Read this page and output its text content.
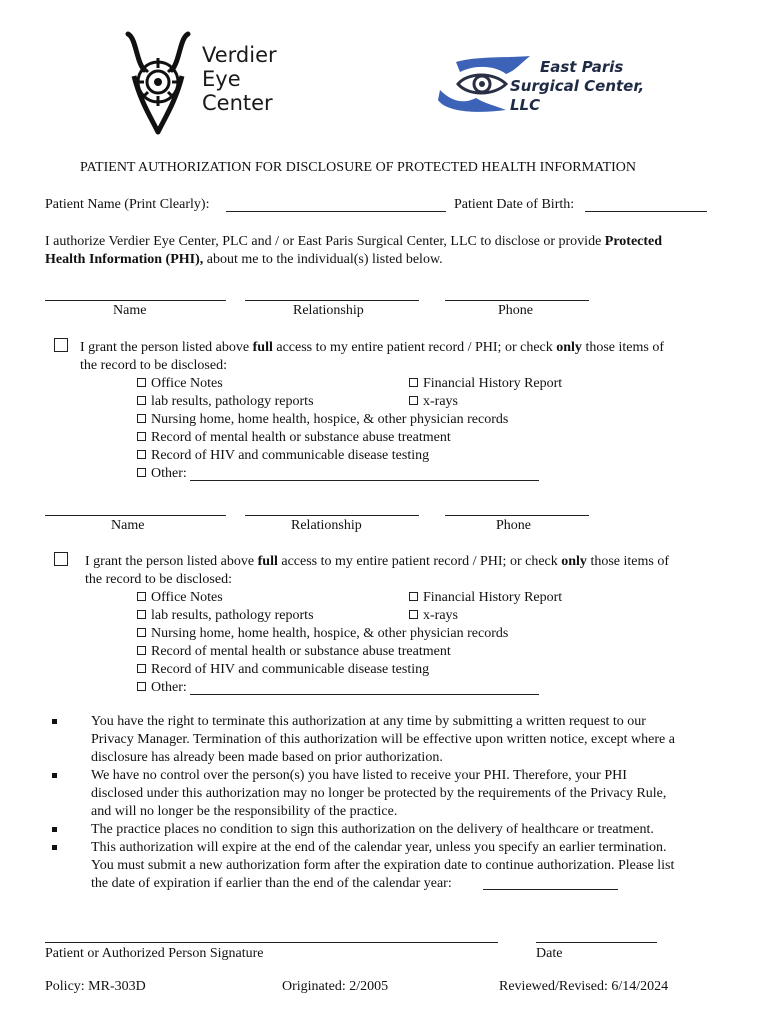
Verdier
Eye
Center
East Paris
Surgical Center,
LLC
PATIENT AUTHORIZATION FOR DISCLOSURE OF PROTECTED HEALTH INFORMATION
Patient Name (Print Clearly):	Patient Date of Birth:
I authorize Verdier Eye Center, PLC and / or East Paris Surgical Center, LLC to disclose or provide Protected
Health Information (PHI), about me to the individual(s) listed below.
Name	Relationship	Phone
I grant the person listed above full access to my entire patient record / PHI; or check only those items of
the record to be disclosed:
Office Notes	Financial History Report
lab results, pathology reports	x-rays
Nursing home, home health, hospice, & other physician records
Record of mental health or substance abuse treatment
Record of HIV and communicable disease testing
Other:
Name	Relationship	Phone
I grant the person listed above full access to my entire patient record / PHI; or check only those items of
the record to be disclosed:
Office Notes	Financial History Report
lab results, pathology reports	x-rays
Nursing home, home health, hospice, & other physician records
Record of mental health or substance abuse treatment
Record of HIV and communicable disease testing
Other:
You have the right to terminate this authorization at any time by submitting a written request to our
Privacy Manager. Termination of this authorization will be effective upon written notice, except where a
disclosure has already been made based on prior authorization.
We have no control over the person(s) you have listed to receive your PHI. Therefore, your PHI
disclosed under this authorization may no longer be protected by the requirements of the Privacy Rule,
and will no longer be the responsibility of the practice.
The practice places no condition to sign this authorization on the delivery of healthcare or treatment.
This authorization will expire at the end of the calendar year, unless you specify an earlier termination.
You must submit a new authorization form after the expiration date to continue authorization. Please list
the date of expiration if earlier than the end of the calendar year:
Patient or Authorized Person Signature	Date
Policy: MR-303D	Originated: 2/2005	Reviewed/Revised: 6/14/2024
